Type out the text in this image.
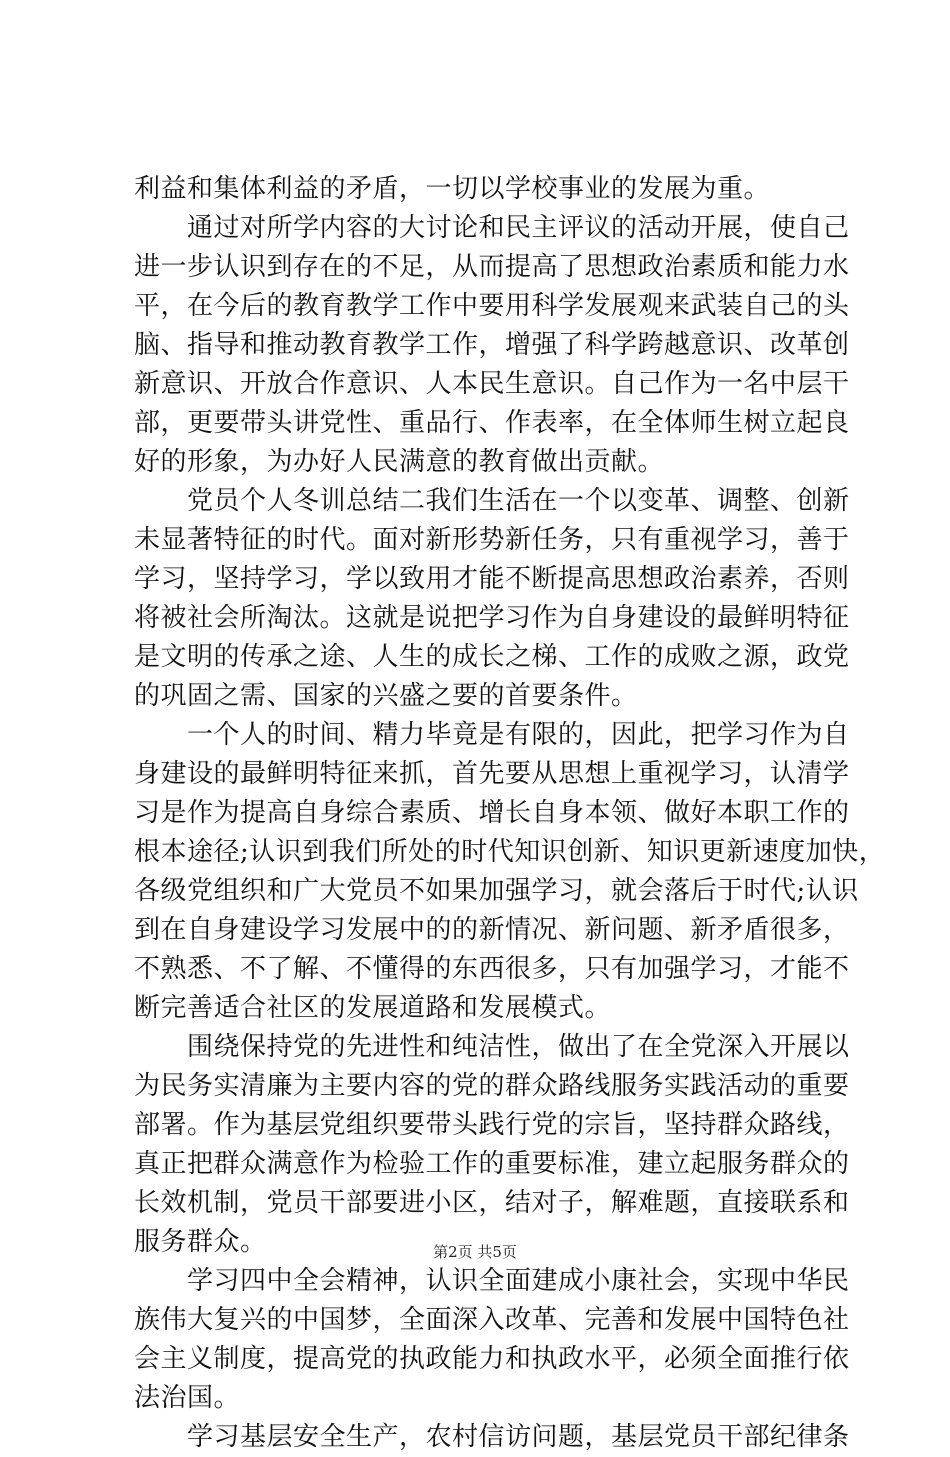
利益和集体利益的矛盾，一切以学校事业的发展为重。
　　通过对所学内容的大讨论和民主评议的活动开展，使自己
进一步认识到存在的不足，从而提高了思想政治素质和能力水
平，在今后的教育教学工作中要用科学发展观来武装自己的头
脑、指导和推动教育教学工作，增强了科学跨越意识、改革创
新意识、开放合作意识、人本民生意识。自己作为一名中层干
部，更要带头讲党性、重品行、作表率，在全体师生树立起良
好的形象，为办好人民满意的教育做出贡献。
　　党员个人冬训总结二我们生活在一个以变革、调整、创新
未显著特征的时代。面对新形势新任务，只有重视学习，善于
学习，坚持学习，学以致用才能不断提高思想政治素养，否则
将被社会所淘汰。这就是说把学习作为自身建设的最鲜明特征
是文明的传承之途、人生的成长之梯、工作的成败之源，政党
的巩固之需、国家的兴盛之要的首要条件。
　　一个人的时间、精力毕竟是有限的，因此，把学习作为自
身建设的最鲜明特征来抓，首先要从思想上重视学习，认清学
习是作为提高自身综合素质、增长自身本领、做好本职工作的
根本途径;认识到我们所处的时代知识创新、知识更新速度加快，
各级党组织和广大党员不如果加强学习，就会落后于时代;认识
到在自身建设学习发展中的的新情况、新问题、新矛盾很多，
不熟悉、不了解、不懂得的东西很多，只有加强学习，才能不
断完善适合社区的发展道路和发展模式。
　　围绕保持党的先进性和纯洁性，做出了在全党深入开展以
为民务实清廉为主要内容的党的群众路线服务实践活动的重要
部署。作为基层党组织要带头践行党的宗旨，坚持群众路线，
真正把群众满意作为检验工作的重要标准，建立起服务群众的
长效机制，党员干部要进小区，结对子，解难题，直接联系和
服务群众。
　　学习四中全会精神，认识全面建成小康社会，实现中华民
族伟大复兴的中国梦，全面深入改革、完善和发展中国特色社
会主义制度，提高党的执政能力和执政水平，必须全面推行依
法治国。
　　学习基层安全生产，农村信访问题，基层党员干部纪律条
第2页 共5页
